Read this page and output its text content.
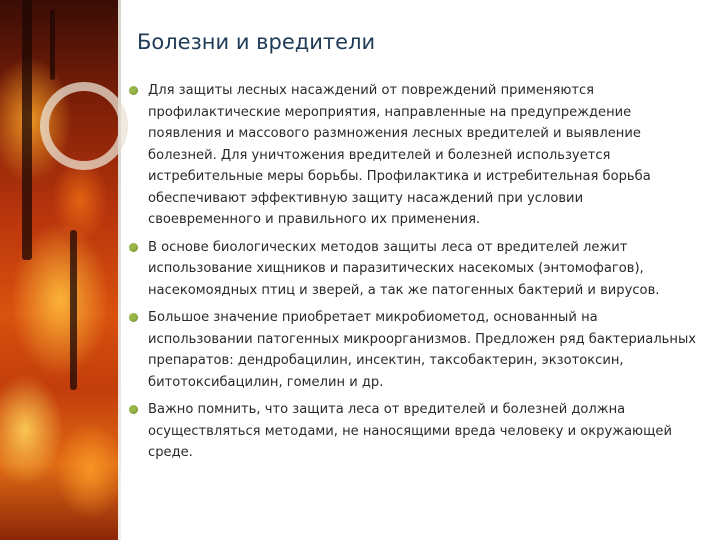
Болезни и вредители
Для защиты лесных насаждений от повреждений применяются профилактические мероприятия, направленные на предупреждение появления и массового размножения лесных вредителей и выявление болезней. Для уничтожения вредителей и болезней используется истребительные меры борьбы. Профилактика и истребительная борьба обеспечивают эффективную защиту насаждений при условии своевременного и правильного их применения.
В основе биологических методов защиты леса от вредителей лежит использование хищников и паразитических насекомых (энтомофагов), насекомоядных птиц и зверей, а так же патогенных бактерий и вирусов.
Большое значение приобретает микробиометод, основанный на использовании патогенных микроорганизмов. Предложен ряд бактериальных препаратов: дендробацилин, инсектин, таксобактерин, экзотоксин, битотоксибацилин, гомелин и др.
Важно помнить, что защита леса от вредителей и болезней должна осуществляться методами, не наносящими вреда человеку и окружающей среде.
